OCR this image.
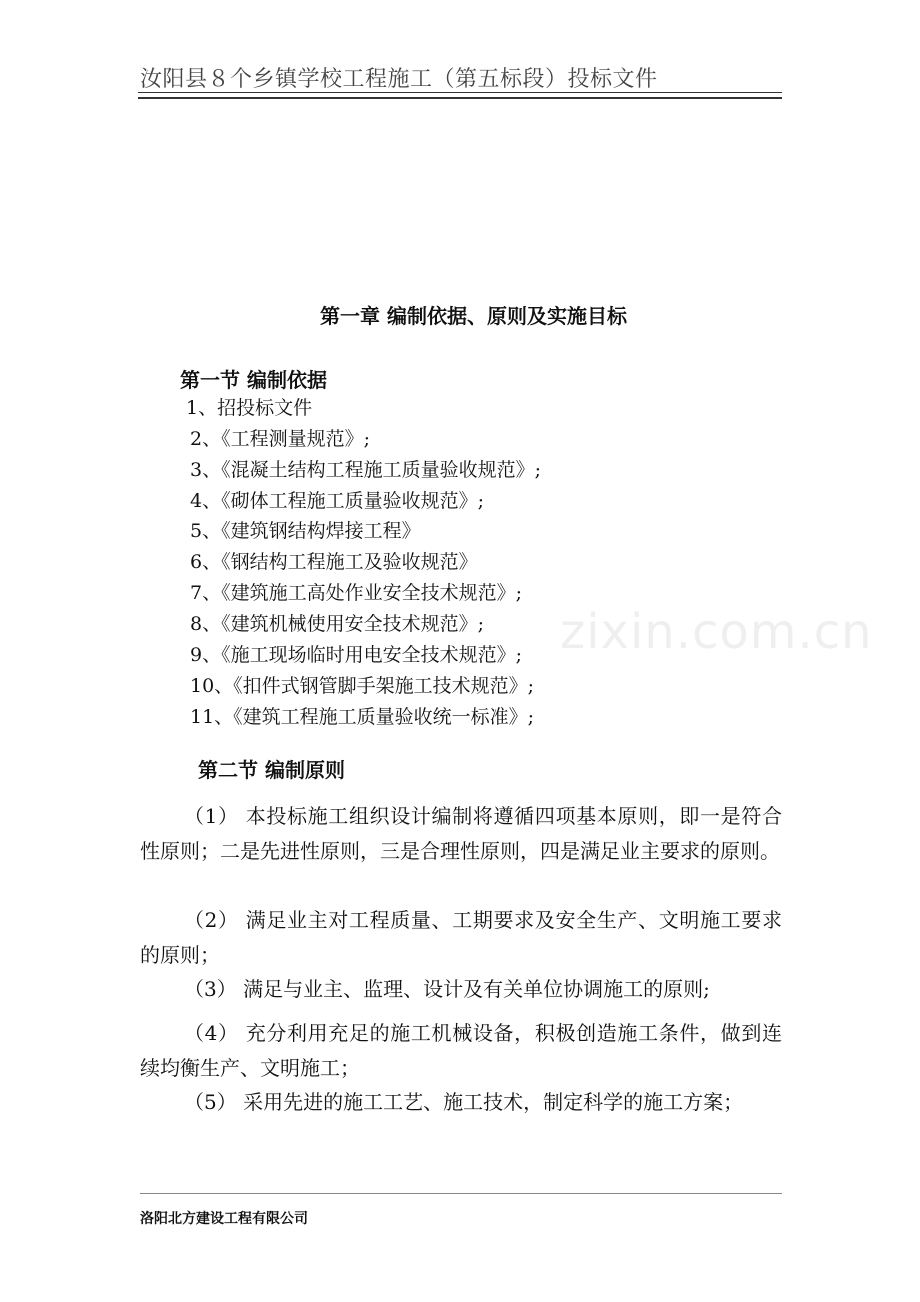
汝阳县８个乡镇学校工程施工（第五标段）投标文件
第一章 编制依据、原则及实施目标
第一节 编制依据
1、招投标文件
2、《工程测量规范》;
3、《混凝土结构工程施工质量验收规范》;
4、《砌体工程施工质量验收规范》;
5、《建筑钢结构焊接工程》
6、《钢结构工程施工及验收规范》
7、《建筑施工高处作业安全技术规范》;
8、《建筑机械使用安全技术规范》;
9、《施工现场临时用电安全技术规范》;
10、《扣件式钢管脚手架施工技术规范》;
11、《建筑工程施工质量验收统一标准》;
第二节 编制原则

（1） 本投标施工组织设计编制将遵循四项基本原则，即一是符合性原则；二是先进性原则，三是合理性原则，四是满足业主要求的原则。

（2） 满足业主对工程质量、工期要求及安全生产、文明施工要求的原则；

（3） 满足与业主、监理、设计及有关单位协调施工的原则;

（4） 充分利用充足的施工机械设备，积极创造施工条件，做到连续均衡生产、文明施工；

（5） 采用先进的施工工艺、施工技术，制定科学的施工方案；

zixin.com.cn
洛阳北方建设工程有限公司
